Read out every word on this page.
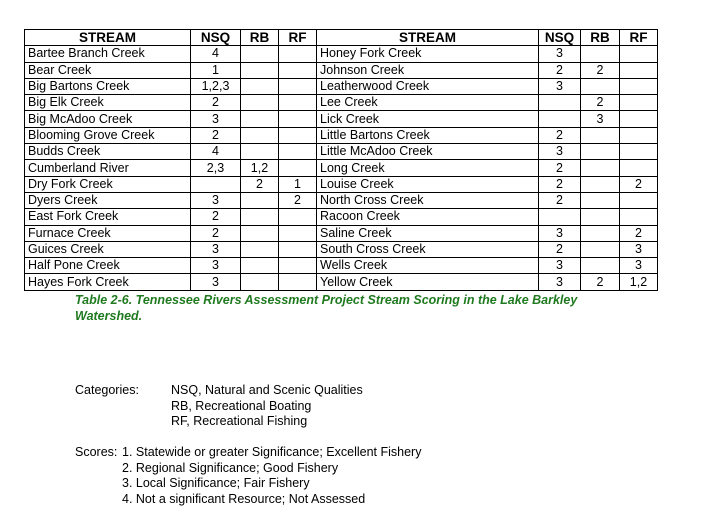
STREAM	NSQ	RB	RF	STREAM	NSQ	RB	RF
Bartee Branch Creek	4			Honey Fork Creek	3		
Bear Creek	1			Johnson Creek	2	2	
Big Bartons Creek	1,2,3			Leatherwood Creek	3		
Big Elk Creek	2			Lee Creek		2	
Big McAdoo Creek	3			Lick Creek		3	
Blooming Grove Creek	2			Little Bartons Creek	2		
Budds Creek	4			Little McAdoo Creek	3		
Cumberland River	2,3	1,2		Long Creek	2		
Dry Fork Creek		2	1	Louise Creek	2		2
Dyers Creek	3		2	North Cross Creek	2		
East Fork Creek	2			Racoon Creek			
Furnace Creek	2			Saline Creek	3		2
Guices Creek	3			South Cross Creek	2		3
Half Pone Creek	3			Wells Creek	3		3
Hayes Fork Creek	3			Yellow Creek	3	2	1,2
Table 2-6. Tennessee Rivers Assessment Project Stream Scoring in the Lake Barkley
Watershed.
Categories:	NSQ, Natural and Scenic Qualities
RB, Recreational Boating
RF, Recreational Fishing
Scores: 1. Statewide or greater Significance; Excellent Fishery
2. Regional Significance; Good Fishery
3. Local Significance; Fair Fishery
4. Not a significant Resource; Not Assessed
